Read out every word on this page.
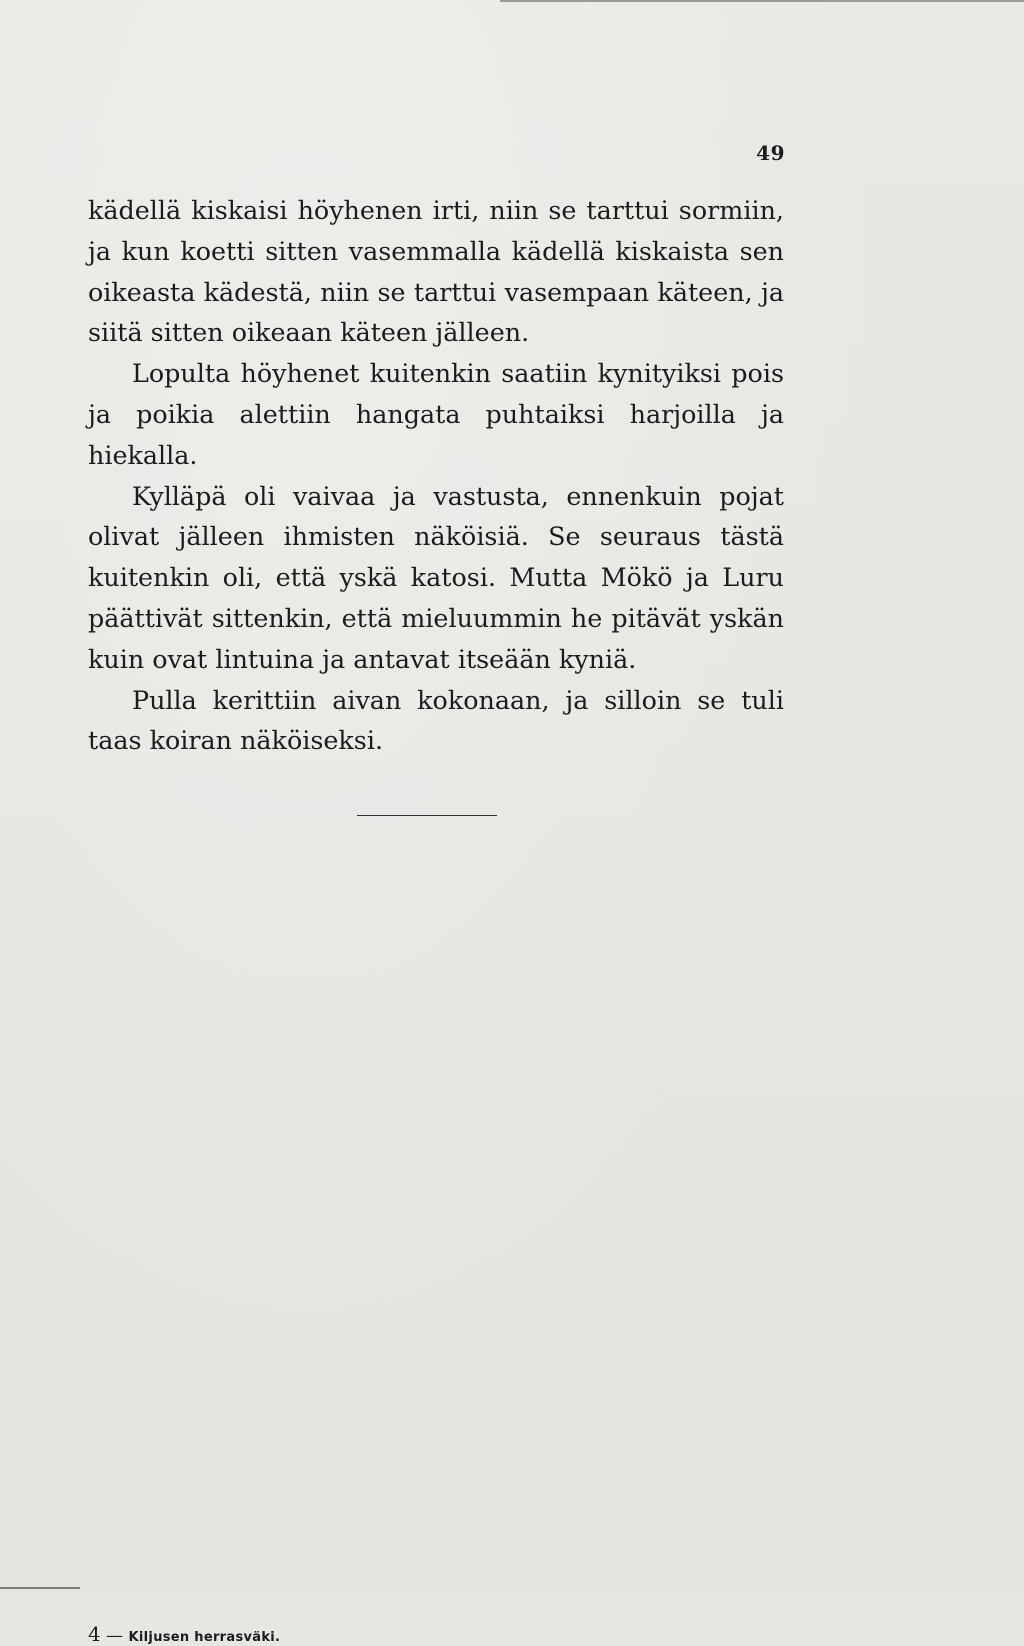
49

kädellä kiskaisi höyhenen irti, niin se tarttui sormiin, ja kun koetti sitten vasemmalla kädellä kiskaista sen oikeasta kädestä, niin se tarttui vasempaan käteen, ja siitä sitten oikeaan käteen jälleen.

Lopulta höyhenet kuitenkin saatiin kynityiksi pois ja poikia alettiin hangata puhtaiksi harjoilla ja hiekalla.

Kylläpä oli vaivaa ja vastusta, ennenkuin pojat olivat jälleen ihmisten näköisiä. Se seuraus tästä kuitenkin oli, että yskä katosi. Mutta Mökö ja Luru päättivät sittenkin, että mieluummin he pitävät yskän kuin ovat lintuina ja antavat itseään kyniä.

Pulla kerittiin aivan kokonaan, ja silloin se tuli taas koiran näköiseksi.

4 — Kiljusen herrasväki.
